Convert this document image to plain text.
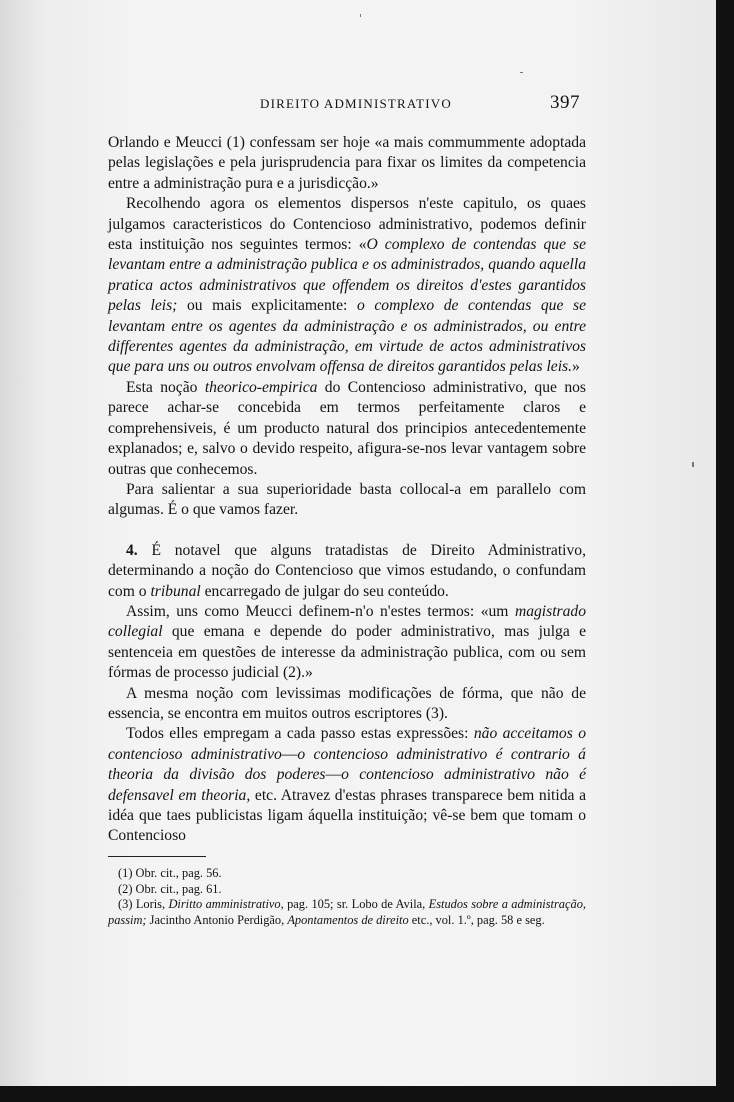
DIREITO ADMINISTRATIVO	397

Orlando e Meucci (1) confessam ser hoje «a mais commummente adoptada pelas legislações e pela jurisprudencia para fixar os limites da competencia entre a administração pura e a jurisdicção.»

Recolhendo agora os elementos dispersos n'este capitulo, os quaes julgamos caracteristicos do Contencioso administrativo, podemos definir esta instituição nos seguintes termos: «O complexo de contendas que se levantam entre a administração publica e os administrados, quando aquella pratica actos administrativos que offendem os direitos d'estes garantidos pelas leis; ou mais explicitamente: o complexo de contendas que se levantam entre os agentes da administração e os administrados, ou entre differentes agentes da administração, em virtude de actos administrativos que para uns ou outros envolvam offensa de direitos garantidos pelas leis.»

Esta noção theorico-empirica do Contencioso administrativo, que nos parece achar-se concebida em termos perfeitamente claros e comprehensiveis, é um producto natural dos principios antecedentemente explanados; e, salvo o devido respeito, afigura-se-nos levar vantagem sobre outras que conhecemos.

Para salientar a sua superioridade basta collocal-a em parallelo com algumas. É o que vamos fazer.

4. É notavel que alguns tratadistas de Direito Administrativo, determinando a noção do Contencioso que vimos estudando, o confundam com o tribunal encarregado de julgar do seu conteúdo.

Assim, uns como Meucci definem-n'o n'estes termos: «um magistrado collegial que emana e depende do poder administrativo, mas julga e sentenceia em questões de interesse da administração publica, com ou sem fórmas de processo judicial (2).»

A mesma noção com levissimas modificações de fórma, que não de essencia, se encontra em muitos outros escriptores (3).

Todos elles empregam a cada passo estas expressões: não acceitamos o contencioso administrativo—o contencioso administrativo é contrario á theoria da divisão dos poderes—o contencioso administrativo não é defensavel em theoria, etc. Atravez d'estas phrases transparece bem nitida a idéa que taes publicistas ligam áquella instituição; vê-se bem que tomam o Contencioso

(1) Obr. cit., pag. 56.

(2) Obr. cit., pag. 61.

(3) Loris, Diritto amministrativo, pag. 105; sr. Lobo de Avila, Estudos sobre a administração, passim; Jacintho Antonio Perdigão, Apontamentos de direito etc., vol. 1.º, pag. 58 e seg.
